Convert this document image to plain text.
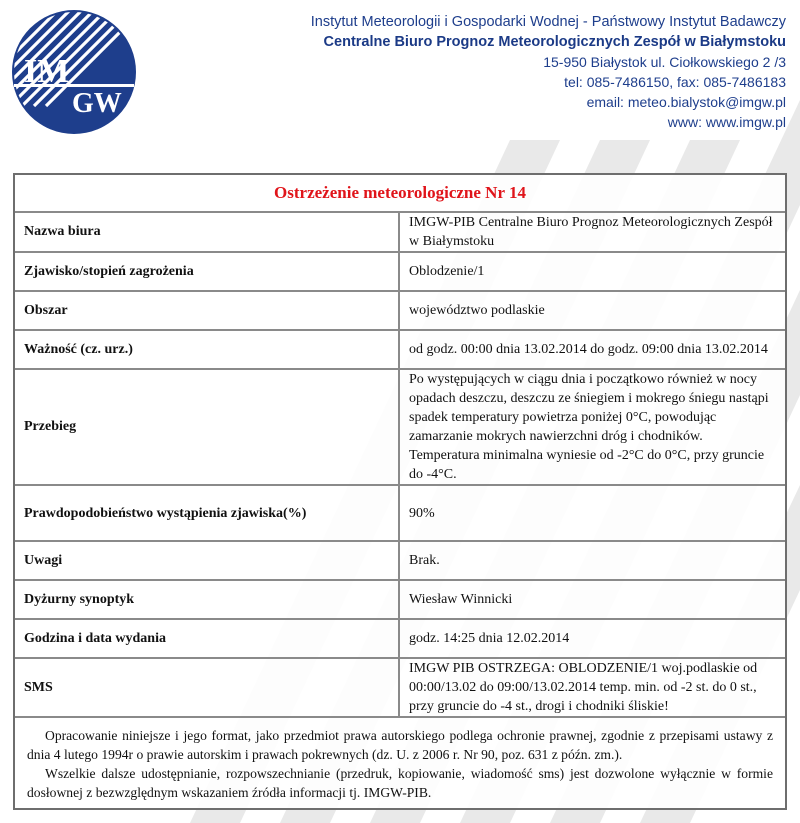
IM
GW
Instytut Meteorologii i Gospodarki Wodnej - Państwowy Instytut Badawczy
Centralne Biuro Prognoz Meteorologicznych Zespół w Białymstoku
15-950 Białystok ul. Ciołkowskiego 2 /3
tel: 085-7486150, fax: 085-7486183
email: meteo.bialystok@imgw.pl
www: www.imgw.pl
Ostrzeżenie meteorologiczne Nr 14	
Nazwa biura	IMGW-PIB Centralne Biuro Prognoz Meteorologicznych Zespół w Białymstoku
Zjawisko/stopień zagrożenia	Oblodzenie/1
Obszar	województwo podlaskie
Ważność (cz. urz.)	od godz. 00:00 dnia 13.02.2014 do godz. 09:00 dnia 13.02.2014
Przebieg	Po występujących w ciągu dnia i początkowo również w nocy opadach deszczu, deszczu ze śniegiem i mokrego śniegu nastąpi spadek temperatury powietrza poniżej 0°C, powodując zamarzanie mokrych nawierzchni dróg i chodników. Temperatura minimalna wyniesie od -2°C do 0°C, przy gruncie do -4°C.
Prawdopodobieństwo wystąpienia zjawiska(%)	90%
Uwagi	Brak.
Dyżurny synoptyk	Wiesław Winnicki
Godzina i data wydania	godz. 14:25 dnia 12.02.2014
SMS	IMGW PIB OSTRZEGA: OBLODZENIE/1 woj.podlaskie od 00:00/13.02 do 09:00/13.02.2014 temp. min. od -2 st. do 0 st., przy gruncie do -4 st., drogi i chodniki śliskie!

Opracowanie niniejsze i jego format, jako przedmiot prawa autorskiego podlega ochronie prawnej, zgodnie z przepisami ustawy z dnia 4 lutego 1994r o prawie autorskim i prawach pokrewnych (dz. U. z 2006 r. Nr 90, poz. 631 z późn. zm.).

Wszelkie dalsze udostępnianie, rozpowszechnianie (przedruk, kopiowanie, wiadomość sms) jest dozwolone wyłącznie w formie dosłownej z bezwzględnym wskazaniem źródła informacji tj. IMGW-PIB.	
